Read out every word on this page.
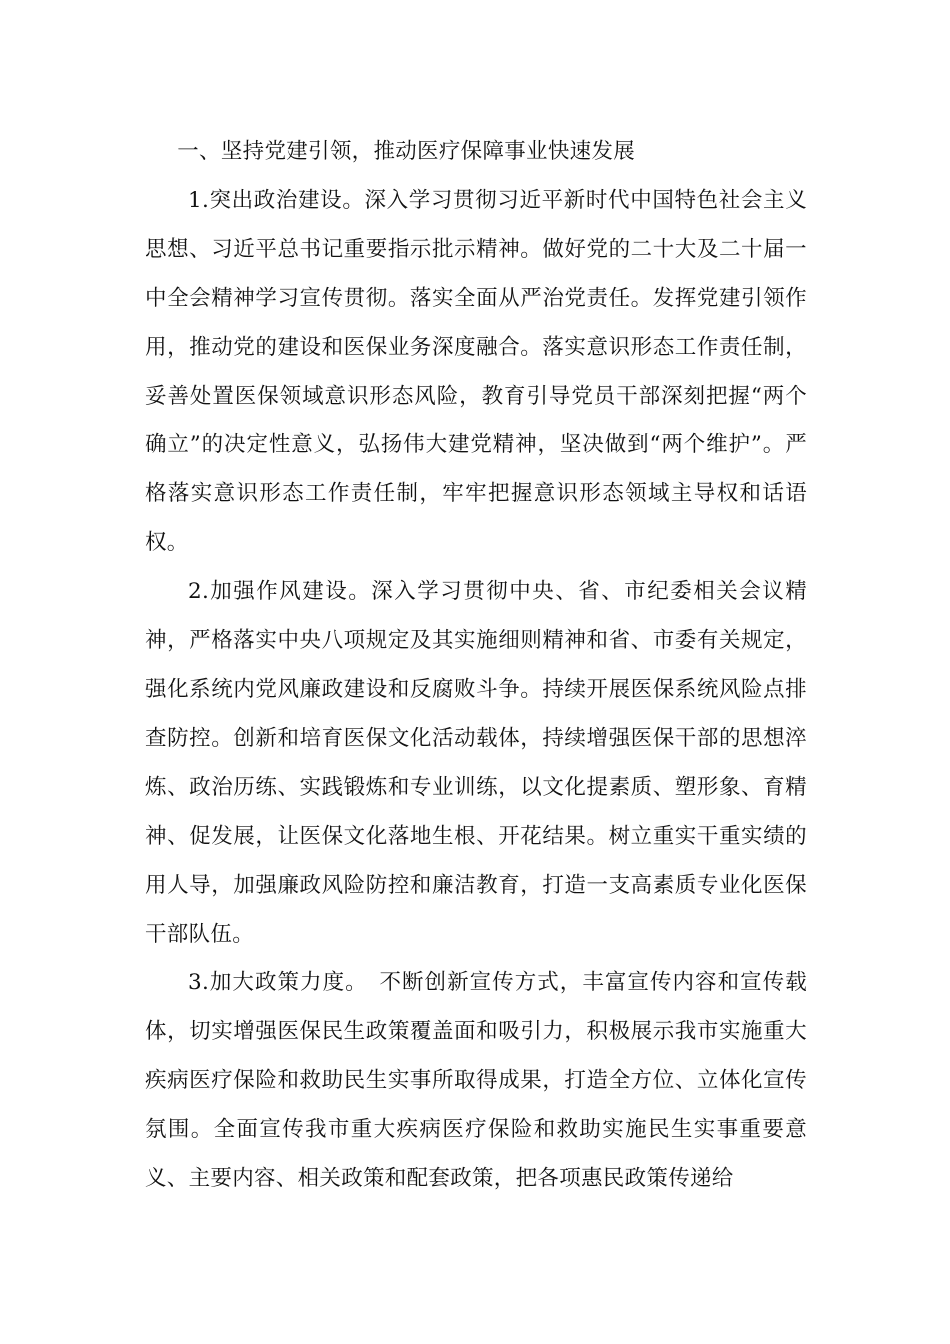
一、坚持党建引领，推动医疗保障事业快速发展

1.突出政治建设。深入学习贯彻习近平新时代中国特色社会主义思想、习近平总书记重要指示批示精神。做好党的二十大及二十届一中全会精神学习宣传贯彻。落实全面从严治党责任。发挥党建引领作用，推动党的建设和医保业务深度融合。落实意识形态工作责任制，妥善处置医保领域意识形态风险，教育引导党员干部深刻把握“两个确立”的决定性意义，弘扬伟大建党精神，坚决做到“两个维护”。严格落实意识形态工作责任制，牢牢把握意识形态领域主导权和话语权。

2.加强作风建设。深入学习贯彻中央、省、市纪委相关会议精神，严格落实中央八项规定及其实施细则精神和省、市委有关规定，强化系统内党风廉政建设和反腐败斗争。持续开展医保系统风险点排查防控。创新和培育医保文化活动载体，持续增强医保干部的思想淬炼、政治历练、实践锻炼和专业训练，以文化提素质、塑形象、育精神、促发展，让医保文化落地生根、开花结果。树立重实干重实绩的用人导，加强廉政风险防控和廉洁教育，打造一支高素质专业化医保干部队伍。

3.加大政策力度。　不断创新宣传方式，丰富宣传内容和宣传载体，切实增强医保民生政策覆盖面和吸引力，积极展示我市实施重大疾病医疗保险和救助民生实事所取得成果，打造全方位、立体化宣传氛围。全面宣传我市重大疾病医疗保险和救助实施民生实事重要意义、主要内容、相关政策和配套政策，把各项惠民政策传递给
